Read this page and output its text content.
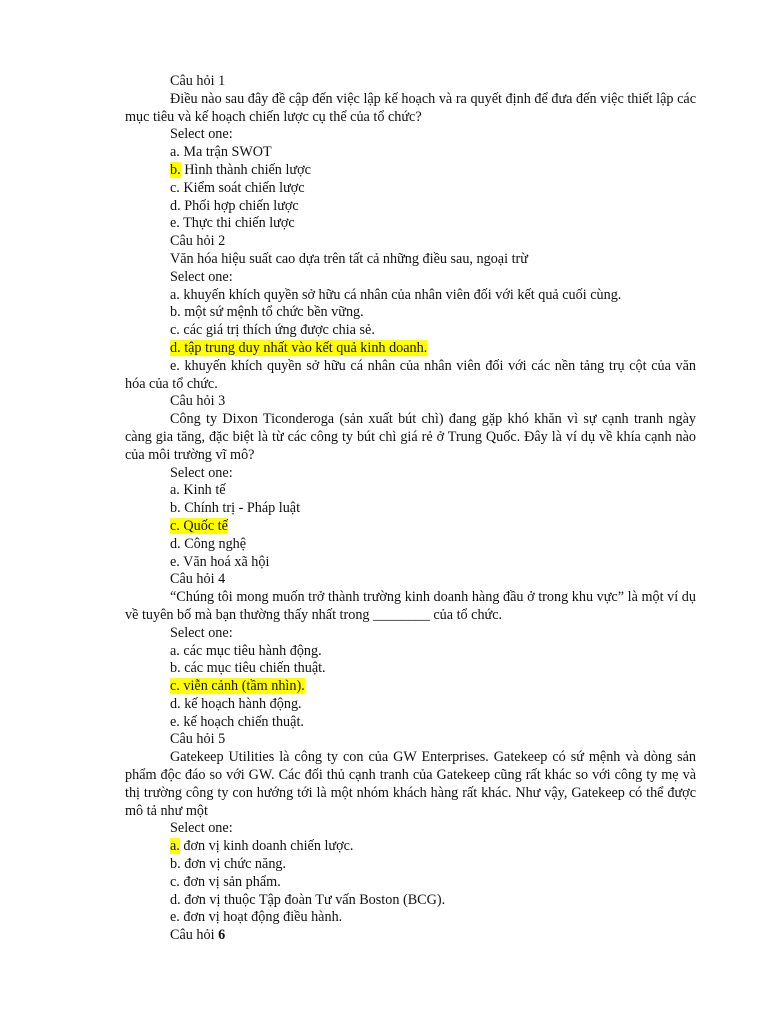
Câu hỏi 1
Điều nào sau đây đề cập đến việc lập kế hoạch và ra quyết định để đưa đến việc thiết lập các mục tiêu và kế hoạch chiến lược cụ thể của tổ chức?
Select one:
a. Ma trận SWOT
b. Hình thành chiến lược
c. Kiểm soát chiến lược
d. Phối hợp chiến lược
e. Thực thi chiến lược
Câu hỏi 2
Văn hóa hiệu suất cao dựa trên tất cả những điều sau, ngoại trừ
Select one:
a. khuyến khích quyền sở hữu cá nhân của nhân viên đối với kết quả cuối cùng.
b. một sứ mệnh tổ chức bền vững.
c. các giá trị thích ứng được chia sẻ.
d. tập trung duy nhất vào kết quả kinh doanh.
e. khuyến khích quyền sở hữu cá nhân của nhân viên đối với các nền tảng trụ cột của văn hóa của tổ chức.
Câu hỏi 3
Công ty Dixon Ticonderoga (sản xuất bút chì) đang gặp khó khăn vì sự cạnh tranh ngày càng gia tăng, đặc biệt là từ các công ty bút chì giá rẻ ở Trung Quốc. Đây là ví dụ về khía cạnh nào của môi trường vĩ mô?
Select one:
a. Kinh tế
b. Chính trị - Pháp luật
c. Quốc tế
d. Công nghệ
e. Văn hoá xã hội
Câu hỏi 4
“Chúng tôi mong muốn trở thành trường kinh doanh hàng đầu ở trong khu vực” là một ví dụ về tuyên bố mà bạn thường thấy nhất trong ________ của tổ chức.
Select one:
a. các mục tiêu hành động.
b. các mục tiêu chiến thuật.
c. viễn cảnh (tầm nhìn).
d. kế hoạch hành động.
e. kế hoạch chiến thuật.
Câu hỏi 5
Gatekeep Utilities là công ty con của GW Enterprises. Gatekeep có sứ mệnh và dòng sản phẩm độc đáo so với GW. Các đối thủ cạnh tranh của Gatekeep cũng rất khác so với công ty mẹ và thị trường công ty con hướng tới là một nhóm khách hàng rất khác. Như vậy, Gatekeep có thể được mô tả như một
Select one:
a. đơn vị kinh doanh chiến lược.
b. đơn vị chức năng.
c. đơn vị sản phẩm.
d. đơn vị thuộc Tập đoàn Tư vấn Boston (BCG).
e. đơn vị hoạt động điều hành.
Câu hỏi 6
